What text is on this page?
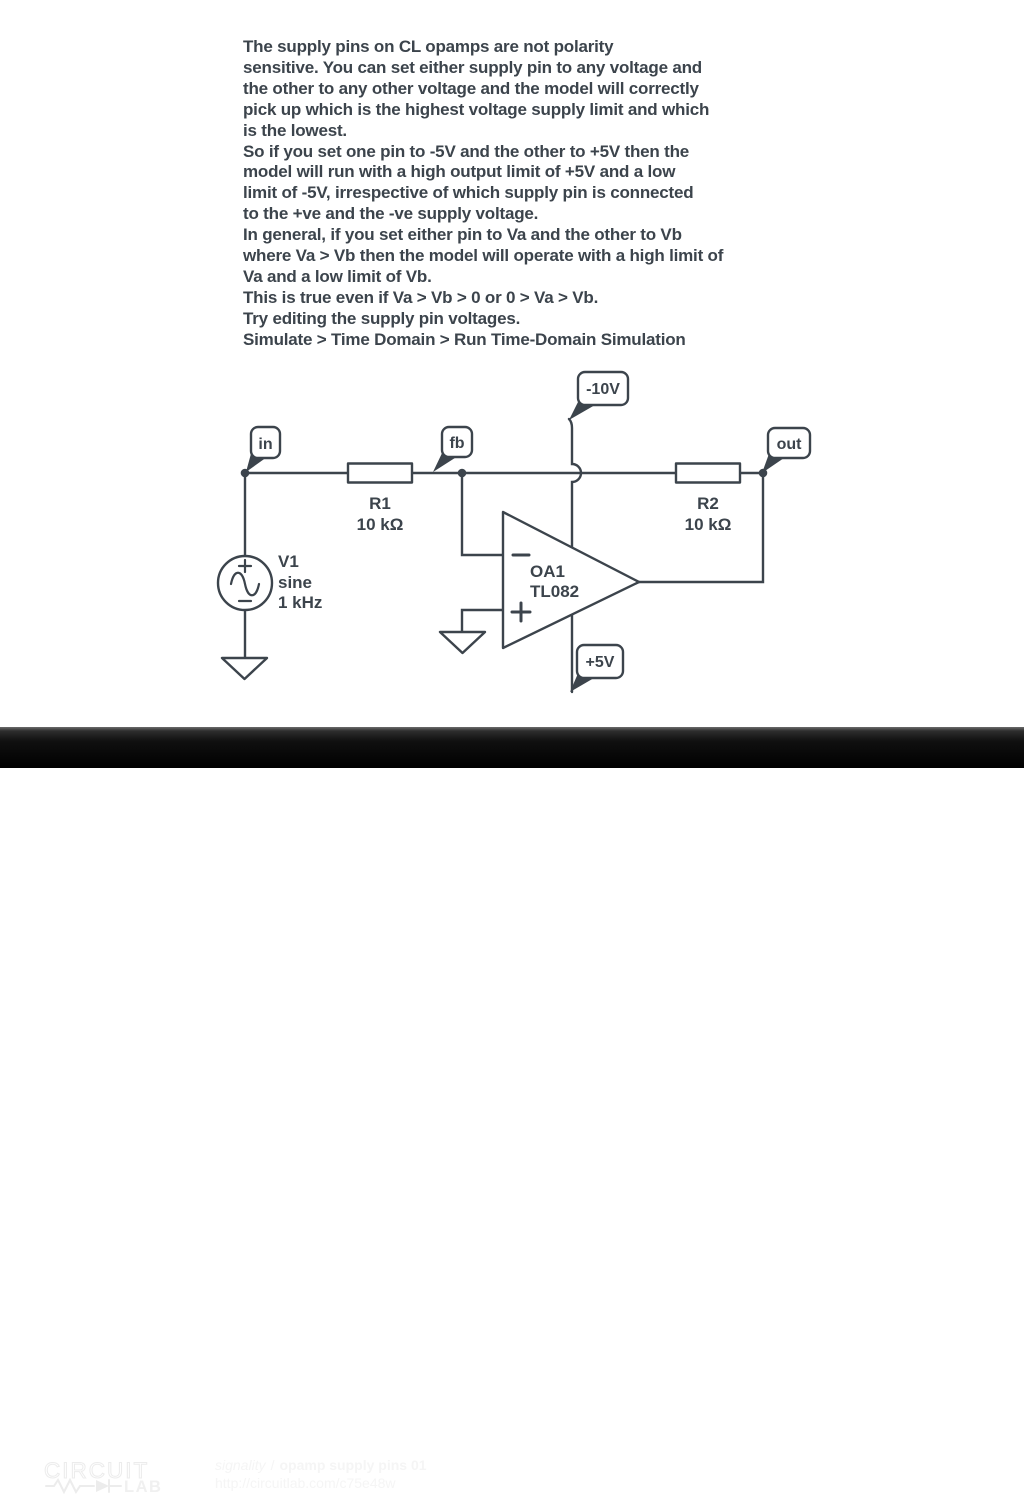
The supply pins on CL opamps are not polarity
sensitive. You can set either supply pin to any voltage and
the other to any other voltage and the model will correctly
pick up which is the highest voltage supply limit and which
is the lowest.
So if you set one pin to -5V and the other to +5V then the
model will run with a high output limit of +5V and a low
limit of -5V, irrespective of which supply pin is connected
to the +ve and the -ve supply voltage.
In general, if you set either pin to Va and the other to Vb
where Va > Vb then the model will operate with a high limit of
Va and a low limit of Vb.
This is true even if Va > Vb > 0 or 0 > Va > Vb.
Try editing the supply pin voltages.
Simulate > Time Domain > Run Time-Domain Simulation
R1
10 kΩ
R2
10 kΩ
V1
sine
1 kHz
OA1
TL082
in	fb	out
-10V
+5V
CIRCUIT
LAB
signality / opamp supply pins 01
http://circuitlab.com/c75e48w
